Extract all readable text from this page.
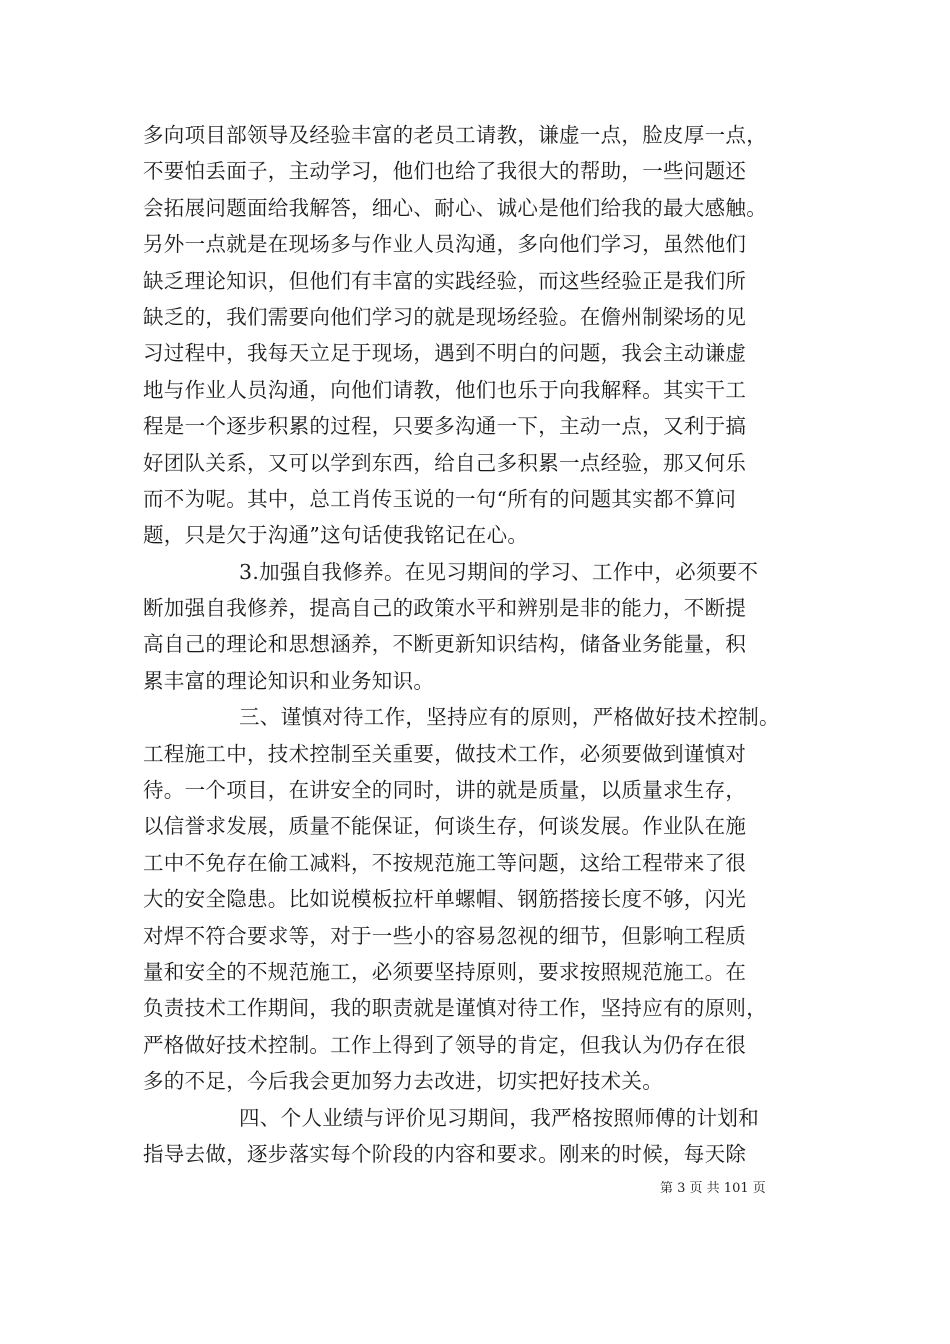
多向项目部领导及经验丰富的老员工请教，谦虚一点，脸皮厚一点，
不要怕丢面子，主动学习，他们也给了我很大的帮助，一些问题还
会拓展问题面给我解答，细心、耐心、诚心是他们给我的最大感触。
另外一点就是在现场多与作业人员沟通，多向他们学习，虽然他们
缺乏理论知识，但他们有丰富的实践经验，而这些经验正是我们所
缺乏的，我们需要向他们学习的就是现场经验。在儋州制梁场的见
习过程中，我每天立足于现场，遇到不明白的问题，我会主动谦虚
地与作业人员沟通，向他们请教，他们也乐于向我解释。其实干工
程是一个逐步积累的过程，只要多沟通一下，主动一点，又利于搞
好团队关系，又可以学到东西，给自己多积累一点经验，那又何乐
而不为呢。其中，总工肖传玉说的一句“所有的问题其实都不算问
题，只是欠于沟通”这句话使我铭记在心。
3.加强自我修养。在见习期间的学习、工作中，必须要不
断加强自我修养，提高自己的政策水平和辨别是非的能力，不断提
高自己的理论和思想涵养，不断更新知识结构，储备业务能量，积
累丰富的理论知识和业务知识。
三、谨慎对待工作，坚持应有的原则，严格做好技术控制。
工程施工中，技术控制至关重要，做技术工作，必须要做到谨慎对
待。一个项目，在讲安全的同时，讲的就是质量，以质量求生存，
以信誉求发展，质量不能保证，何谈生存，何谈发展。作业队在施
工中不免存在偷工减料，不按规范施工等问题，这给工程带来了很
大的安全隐患。比如说模板拉杆单螺帽、钢筋搭接长度不够，闪光
对焊不符合要求等，对于一些小的容易忽视的细节，但影响工程质
量和安全的不规范施工，必须要坚持原则，要求按照规范施工。在
负责技术工作期间，我的职责就是谨慎对待工作，坚持应有的原则，
严格做好技术控制。工作上得到了领导的肯定，但我认为仍存在很
多的不足，今后我会更加努力去改进，切实把好技术关。
四、个人业绩与评价见习期间，我严格按照师傅的计划和
指导去做，逐步落实每个阶段的内容和要求。刚来的时候，每天除
第 3 页 共 101 页
